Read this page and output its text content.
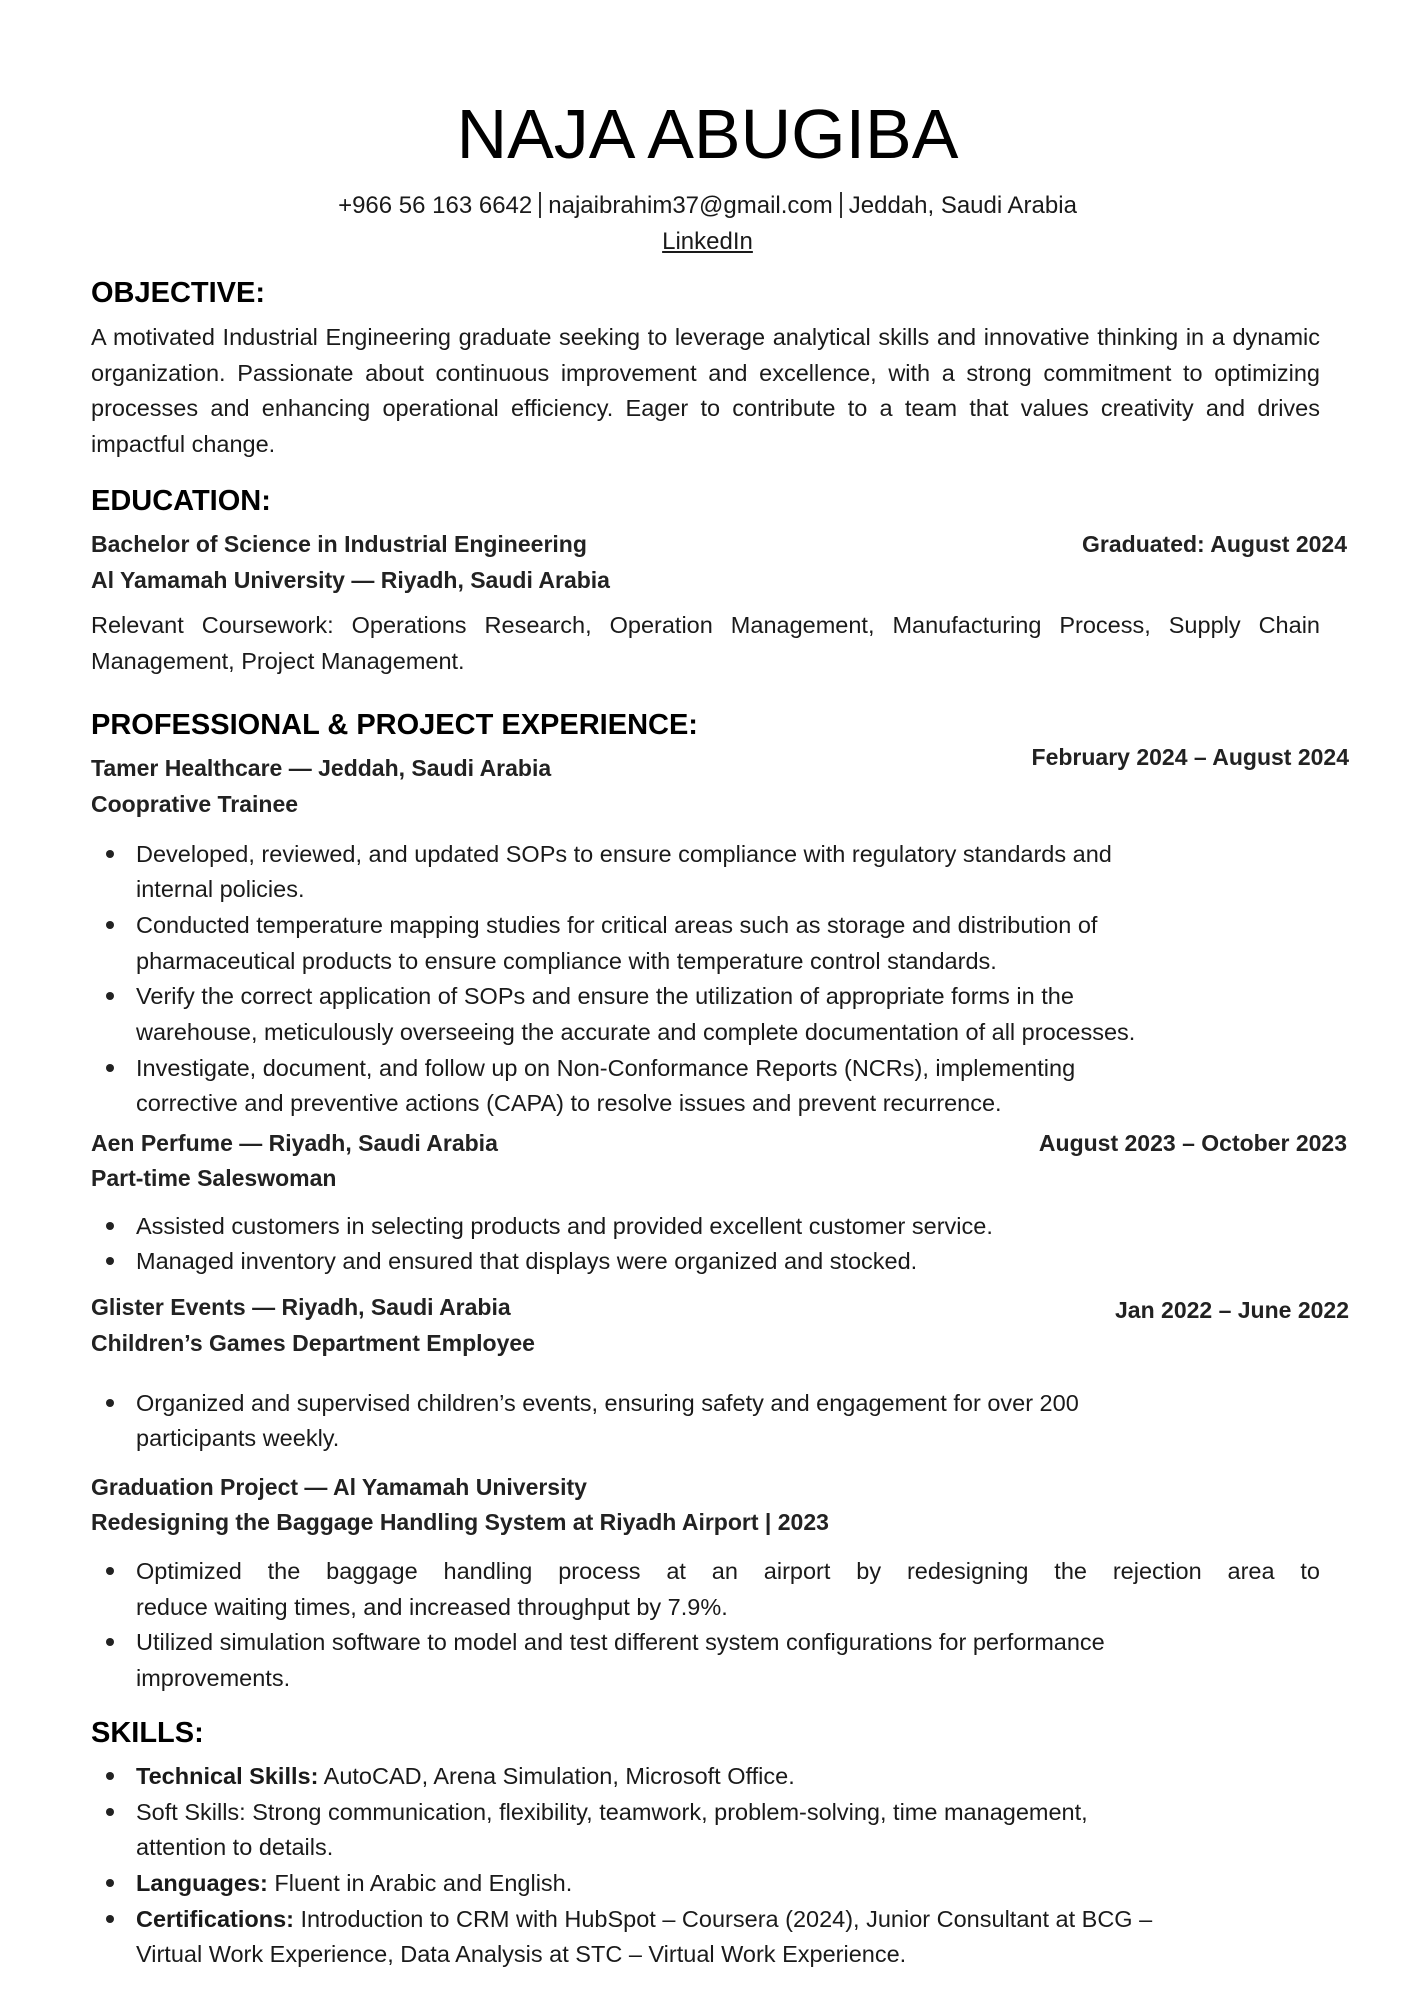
NAJA ABUGIBA
+966 56 163 6642 najaibrahim37@gmail.com Jeddah, Saudi Arabia
LinkedIn
OBJECTIVE:
A motivated Industrial Engineering graduate seeking to leverage analytical skills and innovative thinking in a dynamic organization. Passionate about continuous improvement and excellence, with a strong commitment to optimizing processes and enhancing operational efficiency. Eager to contribute to a team that values creativity and drives impactful change.
EDUCATION:
Bachelor of Science in Industrial Engineering	Graduated: August 2024
Al Yamamah University — Riyadh, Saudi Arabia
Relevant Coursework: Operations Research, Operation Management, Manufacturing Process, Supply Chain Management, Project Management.
PROFESSIONAL & PROJECT EXPERIENCE:
Tamer Healthcare — Jeddah, Saudi Arabia	February 2024 – August 2024
Cooprative Trainee
Developed, reviewed, and updated SOPs to ensure compliance with regulatory standards and
internal policies.
Conducted temperature mapping studies for critical areas such as storage and distribution of
pharmaceutical products to ensure compliance with temperature control standards.
Verify the correct application of SOPs and ensure the utilization of appropriate forms in the
warehouse, meticulously overseeing the accurate and complete documentation of all processes.
Investigate, document, and follow up on Non-Conformance Reports (NCRs), implementing
corrective and preventive actions (CAPA) to resolve issues and prevent recurrence.
Aen Perfume — Riyadh, Saudi Arabia	August 2023 – October 2023
Part-time Saleswoman
Assisted customers in selecting products and provided excellent customer service.
Managed inventory and ensured that displays were organized and stocked.
Glister Events — Riyadh, Saudi Arabia	Jan 2022 – June 2022
Children’s Games Department Employee
Organized and supervised children’s events, ensuring safety and engagement for over 200
participants weekly.
Graduation Project — Al Yamamah University
Redesigning the Baggage Handling System at Riyadh Airport | 2023
Optimized the baggage handling process at an airport by redesigning the rejection area to
reduce waiting times, and increased throughput by 7.9%.
Utilized simulation software to model and test different system configurations for performance
improvements.
SKILLS:
Technical Skills: AutoCAD, Arena Simulation, Microsoft Office.
Soft Skills: Strong communication, flexibility, teamwork, problem-solving, time management,
attention to details.
Languages: Fluent in Arabic and English.
Certifications: Introduction to CRM with HubSpot – Coursera (2024), Junior Consultant at BCG –
Virtual Work Experience, Data Analysis at STC – Virtual Work Experience.
